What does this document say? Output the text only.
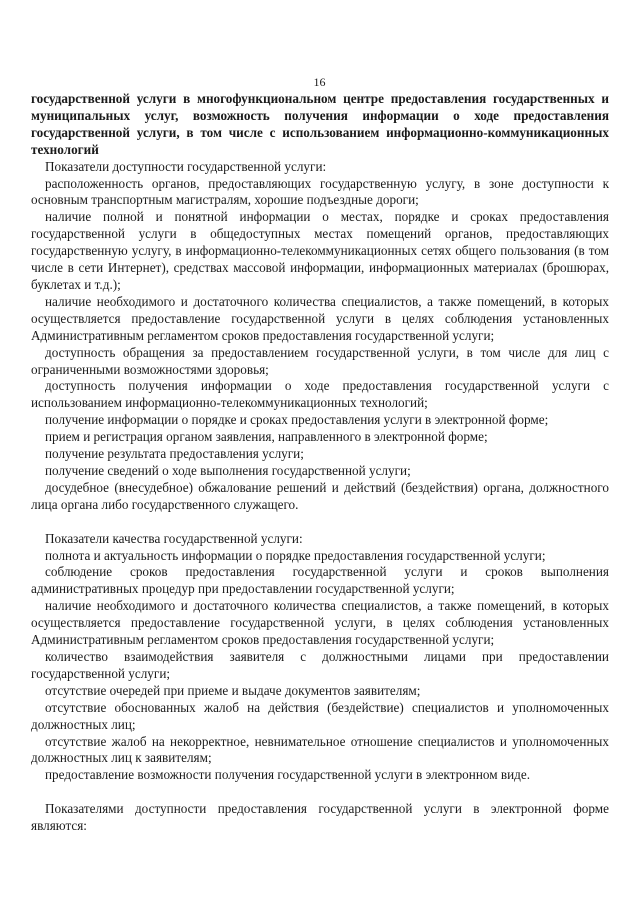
16

государственной услуги в многофункциональном центре предоставления государственных и муниципальных услуг, возможность получения информации о ходе предоставления государственной услуги, в том числе с использованием информационно-коммуникационных технологий

Показатели доступности государственной услуги:

расположенность органов, предоставляющих государственную услугу, в зоне доступности к основным транспортным магистралям, хорошие подъездные дороги;

наличие полной и понятной информации о местах, порядке и сроках предоставления государственной услуги в общедоступных местах помещений органов, предоставляющих государственную услугу, в информационно-телекоммуникационных сетях общего пользования (в том числе в сети Интернет), средствах массовой информации, информационных материалах (брошюрах, буклетах и т.д.);

наличие необходимого и достаточного количества специалистов, а также помещений, в которых осуществляется предоставление государственной услуги в целях соблюдения установленных Административным регламентом сроков предоставления государственной услуги;

доступность обращения за предоставлением государственной услуги, в том числе для лиц с ограниченными возможностями здоровья;

доступность получения информации о ходе предоставления государственной услуги с использованием информационно-телекоммуникационных технологий;

получение информации о порядке и сроках предоставления услуги в электронной форме;

прием и регистрация органом заявления, направленного в электронной форме;

получение результата предоставления услуги;

получение сведений о ходе выполнения государственной услуги;

досудебное (внесудебное) обжалование решений и действий (бездействия) органа, должностного лица органа либо государственного служащего.

Показатели качества государственной услуги:

полнота и актуальность информации о порядке предоставления государственной услуги;

соблюдение сроков предоставления государственной услуги и сроков выполнения административных процедур при предоставлении государственной услуги;

наличие необходимого и достаточного количества специалистов, а также помещений, в которых осуществляется предоставление государственной услуги, в целях соблюдения установленных Административным регламентом сроков предоставления государственной услуги;

количество взаимодействия заявителя с должностными лицами при предоставлении государственной услуги;

отсутствие очередей при приеме и выдаче документов заявителям;

отсутствие обоснованных жалоб на действия (бездействие) специалистов и уполномоченных должностных лиц;

отсутствие жалоб на некорректное, невнимательное отношение специалистов и уполномоченных должностных лиц к заявителям;

предоставление возможности получения государственной услуги в электронном виде.

Показателями доступности предоставления государственной услуги в электронной форме являются:
